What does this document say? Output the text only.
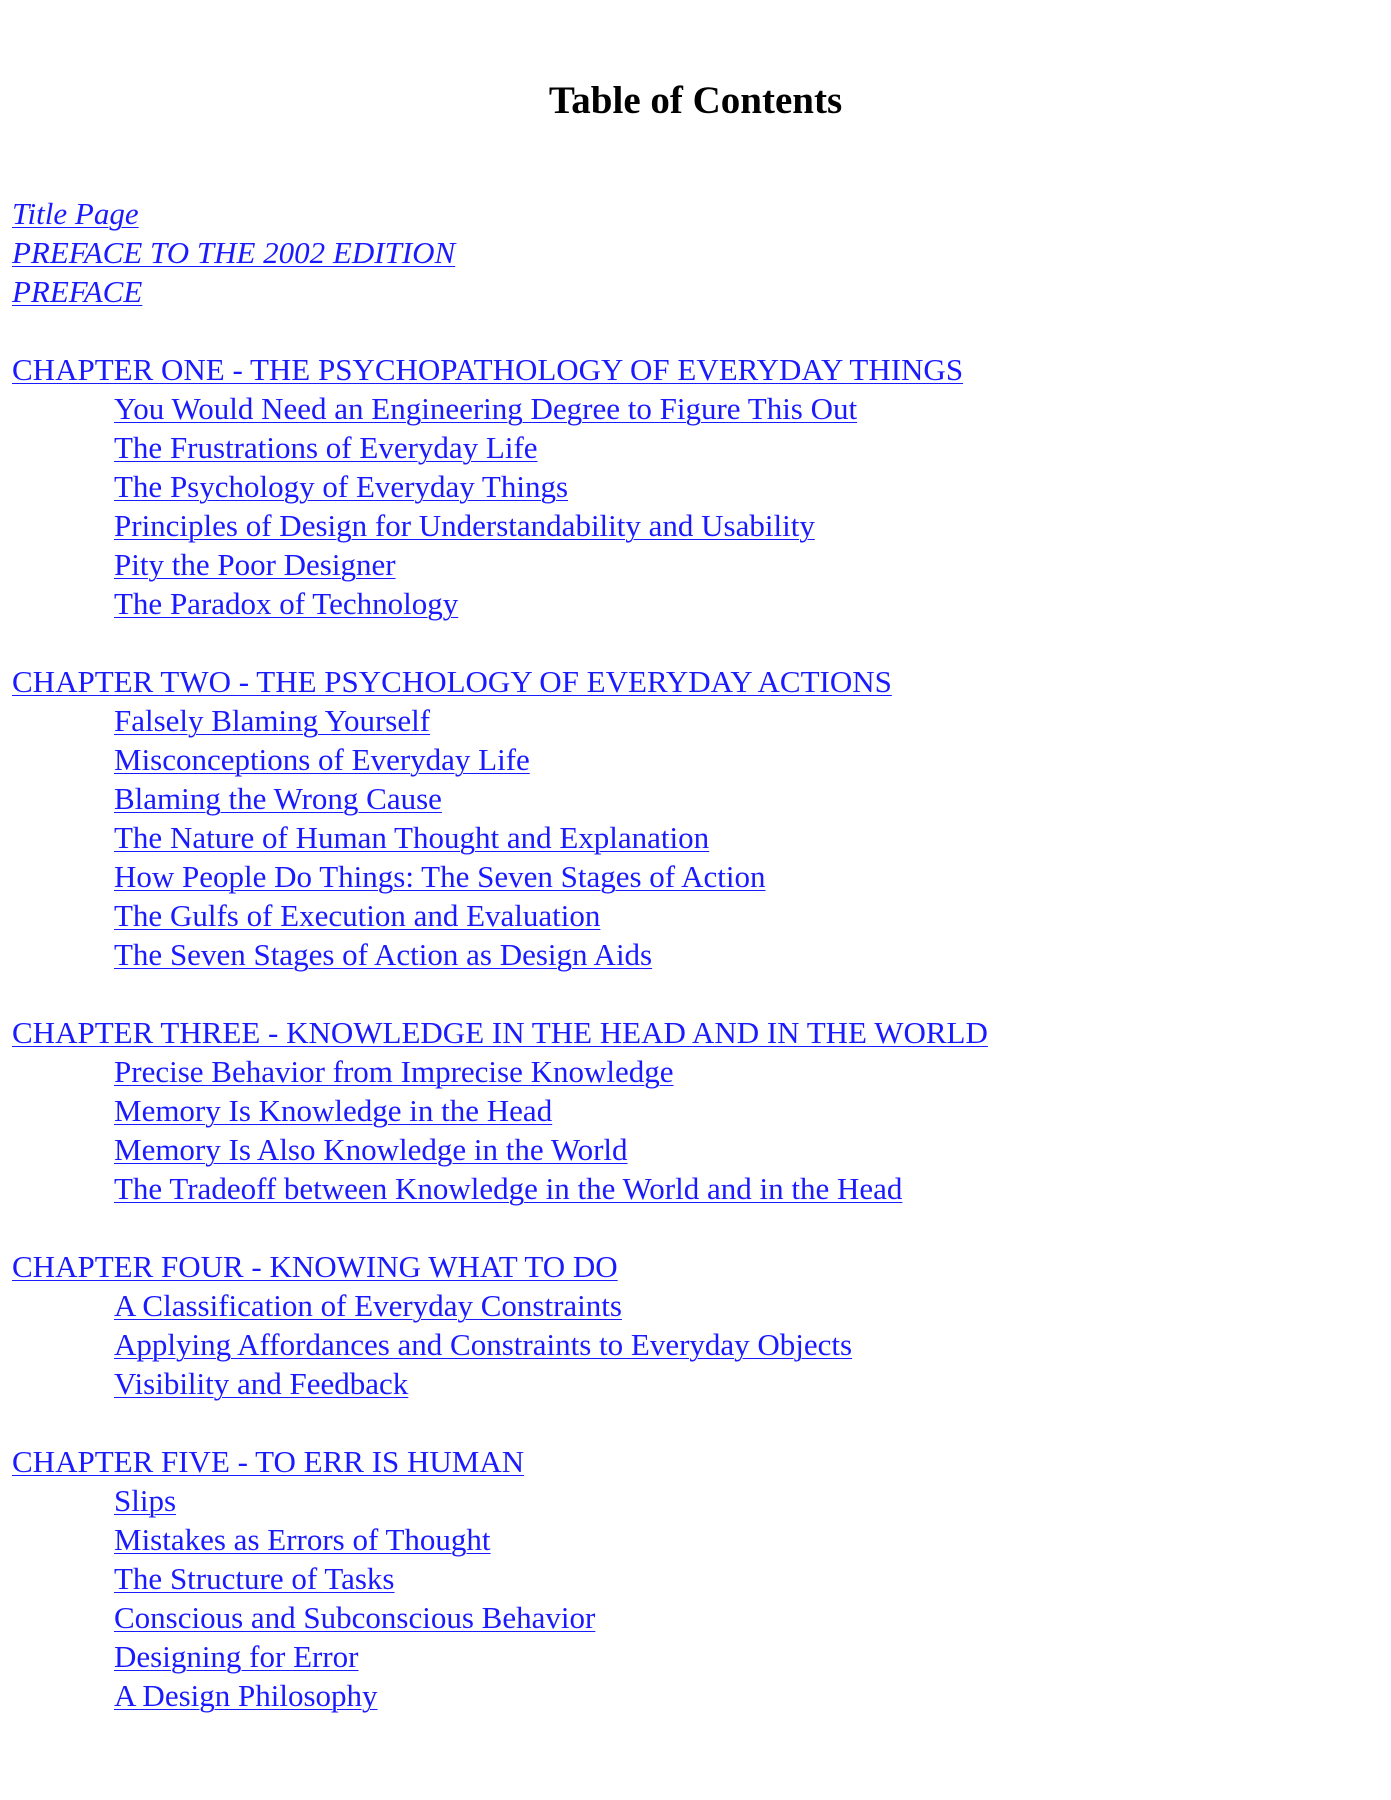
Table of Contents
Title Page
PREFACE TO THE 2002 EDITION
PREFACE
CHAPTER ONE - THE PSYCHOPATHOLOGY OF EVERYDAY THINGS
You Would Need an Engineering Degree to Figure This Out
The Frustrations of Everyday Life
The Psychology of Everyday Things
Principles of Design for Understandability and Usability
Pity the Poor Designer
The Paradox of Technology
CHAPTER TWO - THE PSYCHOLOGY OF EVERYDAY ACTIONS
Falsely Blaming Yourself
Misconceptions of Everyday Life
Blaming the Wrong Cause
The Nature of Human Thought and Explanation
How People Do Things: The Seven Stages of Action
The Gulfs of Execution and Evaluation
The Seven Stages of Action as Design Aids
CHAPTER THREE - KNOWLEDGE IN THE HEAD AND IN THE WORLD
Precise Behavior from Imprecise Knowledge
Memory Is Knowledge in the Head
Memory Is Also Knowledge in the World
The Tradeoff between Knowledge in the World and in the Head
CHAPTER FOUR - KNOWING WHAT TO DO
A Classification of Everyday Constraints
Applying Affordances and Constraints to Everyday Objects
Visibility and Feedback
CHAPTER FIVE - TO ERR IS HUMAN
Slips
Mistakes as Errors of Thought
The Structure of Tasks
Conscious and Subconscious Behavior
Designing for Error
A Design Philosophy
